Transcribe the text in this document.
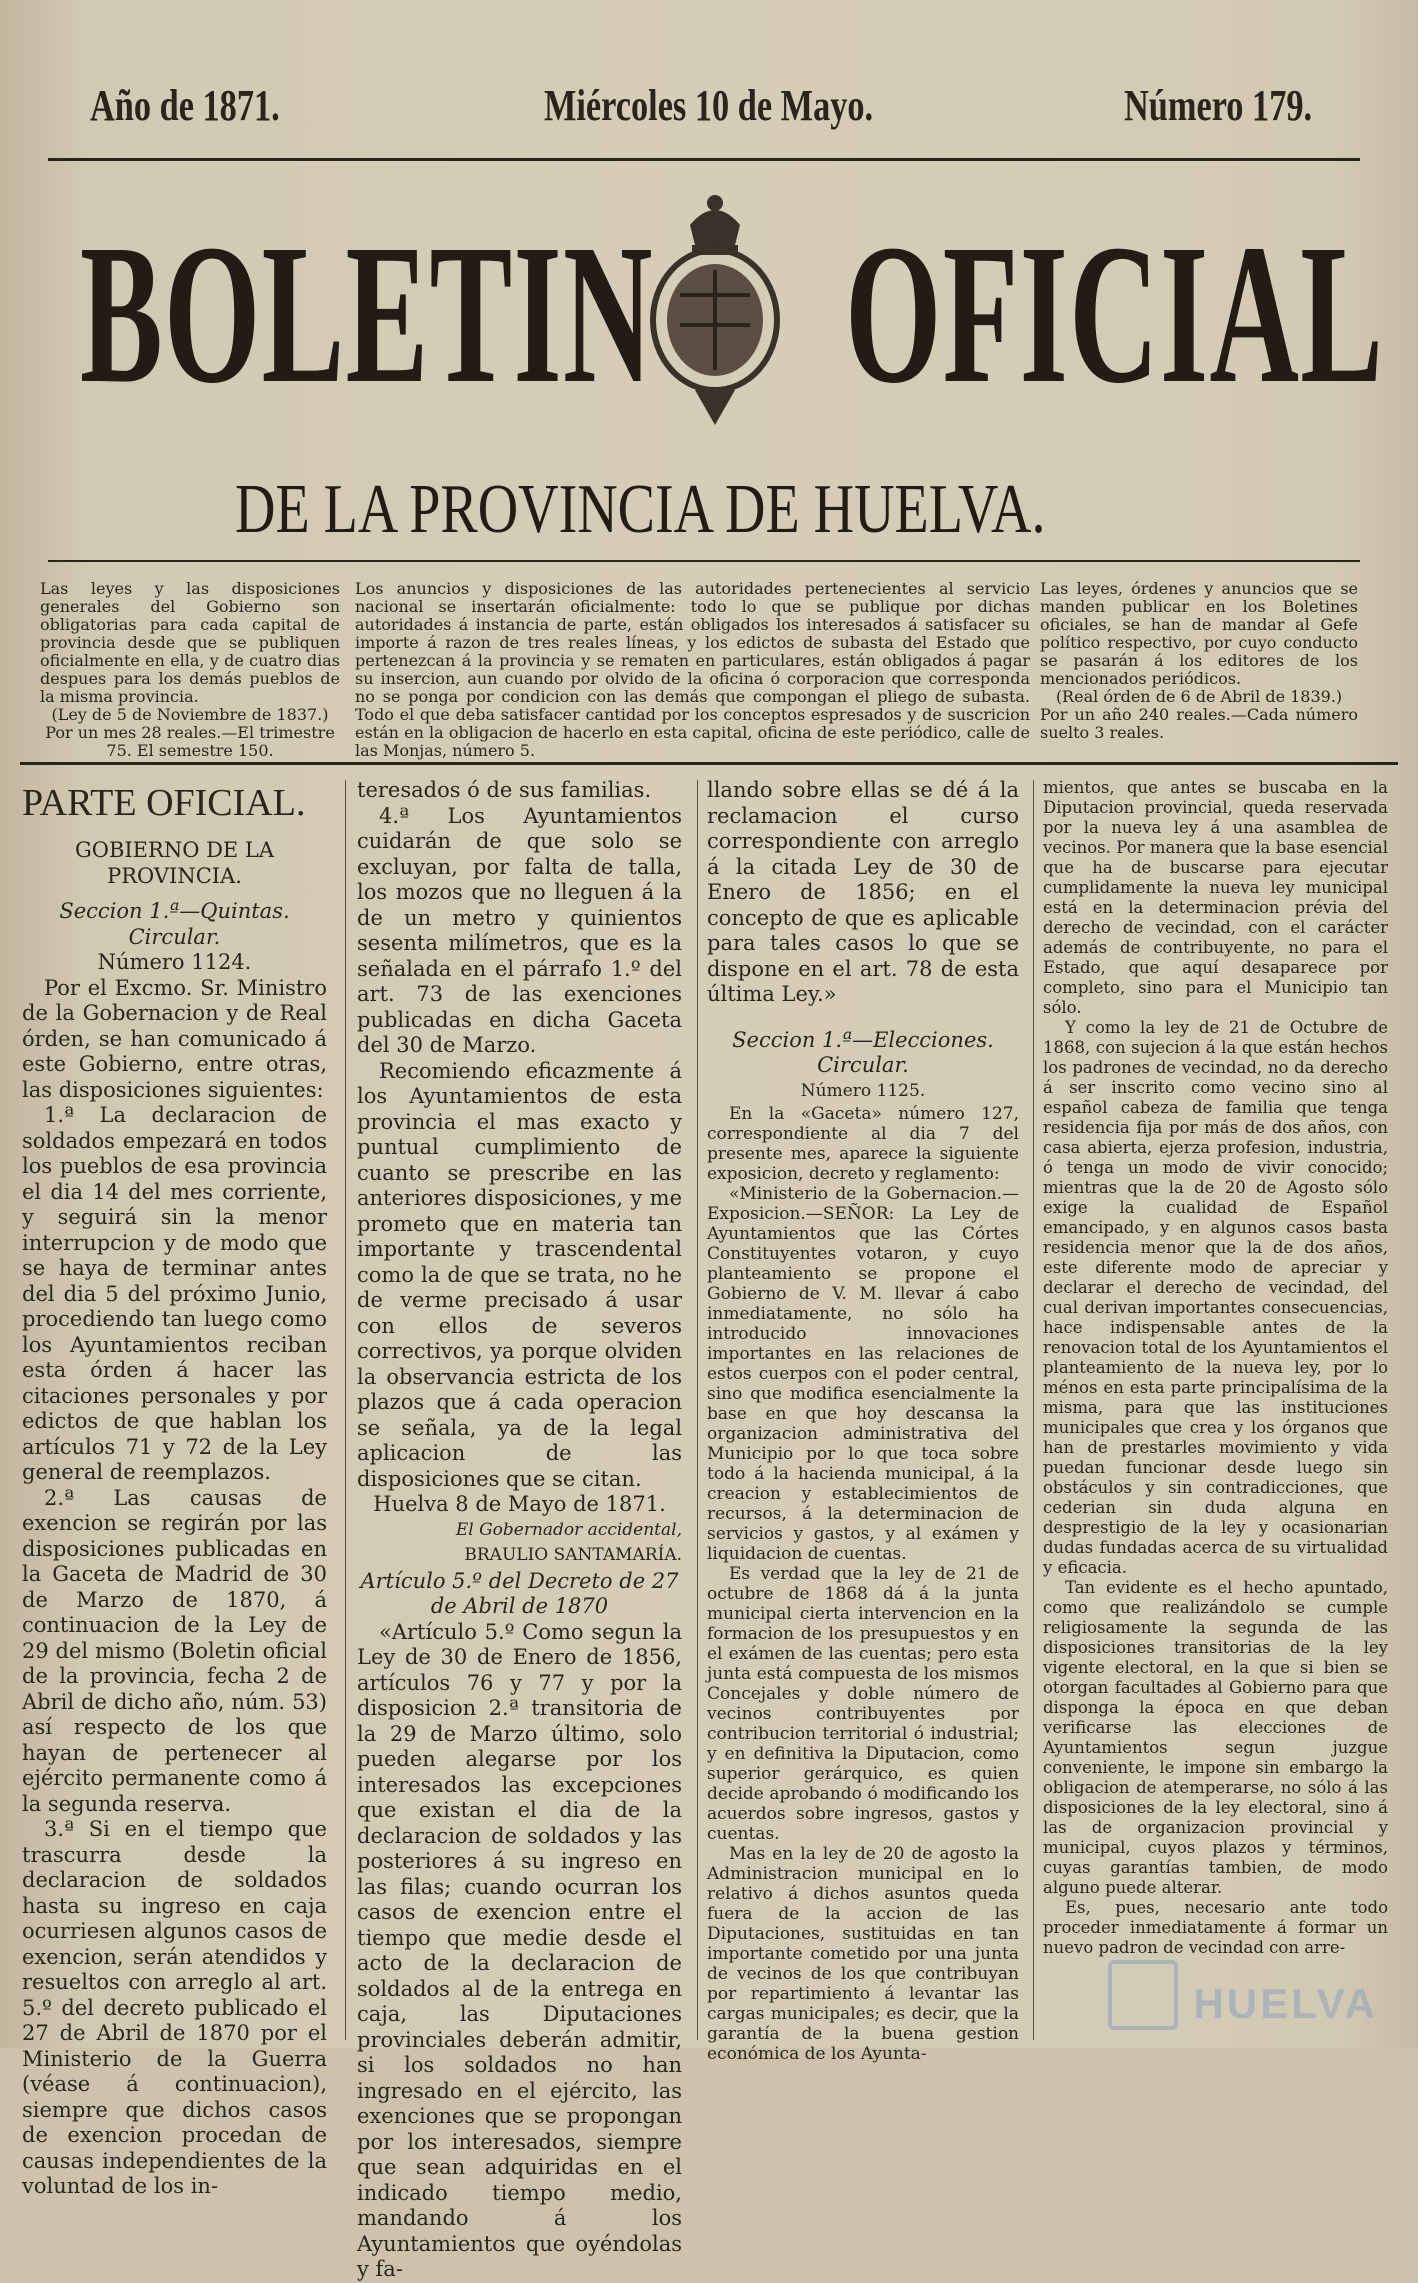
Año de 1871.	Miércoles 10 de Mayo.	Número 179.
BOLETIN OFICIAL
DE LA PROVINCIA DE HUELVA.
Las leyes y las disposiciones generales del Gobierno son obligatorias para cada capital de provincia desde que se publiquen oficialmente en ella, y de cuatro dias despues para los demás pueblos de la misma provincia.
(Ley de 5 de Noviembre de 1837.)
Por un mes 28 reales.—El trimestre 75. El semestre 150.
Los anuncios y disposiciones de las autoridades pertenecientes al servicio nacional se insertarán oficialmente: todo lo que se publique por dichas autoridades á instancia de parte, están obligados los interesados á satisfacer su importe á razon de tres reales líneas, y los edictos de subasta del Estado que pertenezcan á la provincia y se rematen en particulares, están obligados á pagar su insercion, aun cuando por olvido de la oficina ó corporacion que corresponda no se ponga por condicion con las demás que compongan el pliego de subasta. Todo el que deba satisfacer cantidad por los conceptos espresados y de suscricion están en la obligacion de hacerlo en esta capital, oficina de este periódico, calle de las Monjas, número 5.
Las leyes, órdenes y anuncios que se manden publicar en los Boletines oficiales, se han de mandar al Gefe político respectivo, por cuyo conducto se pasarán á los editores de los mencionados periódicos.
(Real órden de 6 de Abril de 1839.)
Por un año 240 reales.—Cada número suelto 3 reales.

PARTE OFICIAL.

GOBIERNO DE LA PROVINCIA.

Seccion 1.ª—Quintas.

Circular.

Número 1124.

Por el Excmo. Sr. Ministro de la Gobernacion y de Real órden, se han comunicado á este Gobierno, entre otras, las disposiciones siguientes:

1.ª La declaracion de soldados empezará en todos los pueblos de esa provincia el dia 14 del mes corriente, y seguirá sin la menor interrupcion y de modo que se haya de terminar antes del dia 5 del próximo Junio, procediendo tan luego como los Ayuntamientos reciban esta órden á hacer las citaciones personales y por edictos de que hablan los artículos 71 y 72 de la Ley general de reemplazos.

2.ª Las causas de exencion se regirán por las disposiciones publicadas en la Gaceta de Madrid de 30 de Marzo de 1870, á continuacion de la Ley de 29 del mismo (Boletin oficial de la provincia, fecha 2 de Abril de dicho año, núm. 53) así respecto de los que hayan de pertenecer al ejército permanente como á la segunda reserva.

3.ª Si en el tiempo que trascurra desde la declaracion de soldados hasta su ingreso en caja ocurriesen algunos casos de exencion, serán atendidos y resueltos con arreglo al art. 5.º del decreto publicado el 27 de Abril de 1870 por el Ministerio de la Guerra (véase á continuacion), siempre que dichos casos de exencion procedan de causas independientes de la voluntad de los in-

teresados ó de sus familias.

4.ª Los Ayuntamientos cuidarán de que solo se excluyan, por falta de talla, los mozos que no lleguen á la de un metro y quinientos sesenta milímetros, que es la señalada en el párrafo 1.º del art. 73 de las exenciones publicadas en dicha Gaceta del 30 de Marzo.

Recomiendo eficazmente á los Ayuntamientos de esta provincia el mas exacto y puntual cumplimiento de cuanto se prescribe en las anteriores disposiciones, y me prometo que en materia tan importante y trascendental como la de que se trata, no he de verme precisado á usar con ellos de severos correctivos, ya porque olviden la observancia estricta de los plazos que á cada operacion se señala, ya de la legal aplicacion de las disposiciones que se citan.

Huelva 8 de Mayo de 1871.

El Gobernador accidental,

BRAULIO SANTAMARÍA.

Artículo 5.º del Decreto de 27 de Abril de 1870

«Artículo 5.º Como segun la Ley de 30 de Enero de 1856, artículos 76 y 77 y por la disposicion 2.ª transitoria de la 29 de Marzo último, solo pueden alegarse por los interesados las excepciones que existan el dia de la declaracion de soldados y las posteriores á su ingreso en las filas; cuando ocurran los casos de exencion entre el tiempo que medie desde el acto de la declaracion de soldados al de la entrega en caja, las Diputaciones provinciales deberán admitir, si los soldados no han ingresado en el ejército, las exenciones que se propongan por los interesados, siempre que sean adquiridas en el indicado tiempo medio, mandando á los Ayuntamientos que oyéndolas y fa-

llando sobre ellas se dé á la reclamacion el curso correspondiente con arreglo á la citada Ley de 30 de Enero de 1856; en el concepto de que es aplicable para tales casos lo que se dispone en el art. 78 de esta última Ley.»

Seccion 1.ª—Elecciones.

Circular.

Número 1125.

En la «Gaceta» número 127, correspondiente al dia 7 del presente mes, aparece la siguiente exposicion, decreto y reglamento:

«Ministerio de la Gobernacion.—Exposicion.—SEÑOR: La Ley de Ayuntamientos que las Córtes Constituyentes votaron, y cuyo planteamiento se propone el Gobierno de V. M. llevar á cabo inmediatamente, no sólo ha introducido innovaciones importantes en las relaciones de estos cuerpos con el poder central, sino que modifica esencialmente la base en que hoy descansa la organizacion administrativa del Municipio por lo que toca sobre todo á la hacienda municipal, á la creacion y establecimientos de recursos, á la determinacion de servicios y gastos, y al exámen y liquidacion de cuentas.

Es verdad que la ley de 21 de octubre de 1868 dá á la junta municipal cierta intervencion en la formacion de los presupuestos y en el exámen de las cuentas; pero esta junta está compuesta de los mismos Concejales y doble número de vecinos contribuyentes por contribucion territorial ó industrial; y en definitiva la Diputacion, como superior gerárquico, es quien decide aprobando ó modificando los acuerdos sobre ingresos, gastos y cuentas.

Mas en la ley de 20 de agosto la Administracion municipal en lo relativo á dichos asuntos queda fuera de la accion de las Diputaciones, sustituidas en tan importante cometido por una junta de vecinos de los que contribuyan por repartimiento á levantar las cargas municipales; es decir, que la garantía de la buena gestion económica de los Ayunta-

mientos, que antes se buscaba en la Diputacion provincial, queda reservada por la nueva ley á una asamblea de vecinos. Por manera que la base esencial que ha de buscarse para ejecutar cumplidamente la nueva ley municipal está en la determinacion prévia del derecho de vecindad, con el carácter además de contribuyente, no para el Estado, que aquí desaparece por completo, sino para el Municipio tan sólo.

Y como la ley de 21 de Octubre de 1868, con sujecion á la que están hechos los padrones de vecindad, no da derecho á ser inscrito como vecino sino al español cabeza de familia que tenga residencia fija por más de dos años, con casa abierta, ejerza profesion, industria, ó tenga un modo de vivir conocido; mientras que la de 20 de Agosto sólo exige la cualidad de Español emancipado, y en algunos casos basta residencia menor que la de dos años, este diferente modo de apreciar y declarar el derecho de vecindad, del cual derivan importantes consecuencias, hace indispensable antes de la renovacion total de los Ayuntamientos el planteamiento de la nueva ley, por lo ménos en esta parte principalísima de la misma, para que las instituciones municipales que crea y los órganos que han de prestarles movimiento y vida puedan funcionar desde luego sin obstáculos y sin contradicciones, que cederian sin duda alguna en desprestigio de la ley y ocasionarian dudas fundadas acerca de su virtualidad y eficacia.

Tan evidente es el hecho apuntado, como que realizándolo se cumple religiosamente la segunda de las disposiciones transitorias de la ley vigente electoral, en la que si bien se otorgan facultades al Gobierno para que disponga la época en que deban verificarse las elecciones de Ayuntamientos segun juzgue conveniente, le impone sin embargo la obligacion de atemperarse, no sólo á las disposiciones de la ley electoral, sino á las de organizacion provincial y municipal, cuyos plazos y términos, cuyas garantías tambien, de modo alguno puede alterar.

Es, pues, necesario ante todo proceder inmediatamente á formar un nuevo padron de vecindad con arre-

HUELVA
